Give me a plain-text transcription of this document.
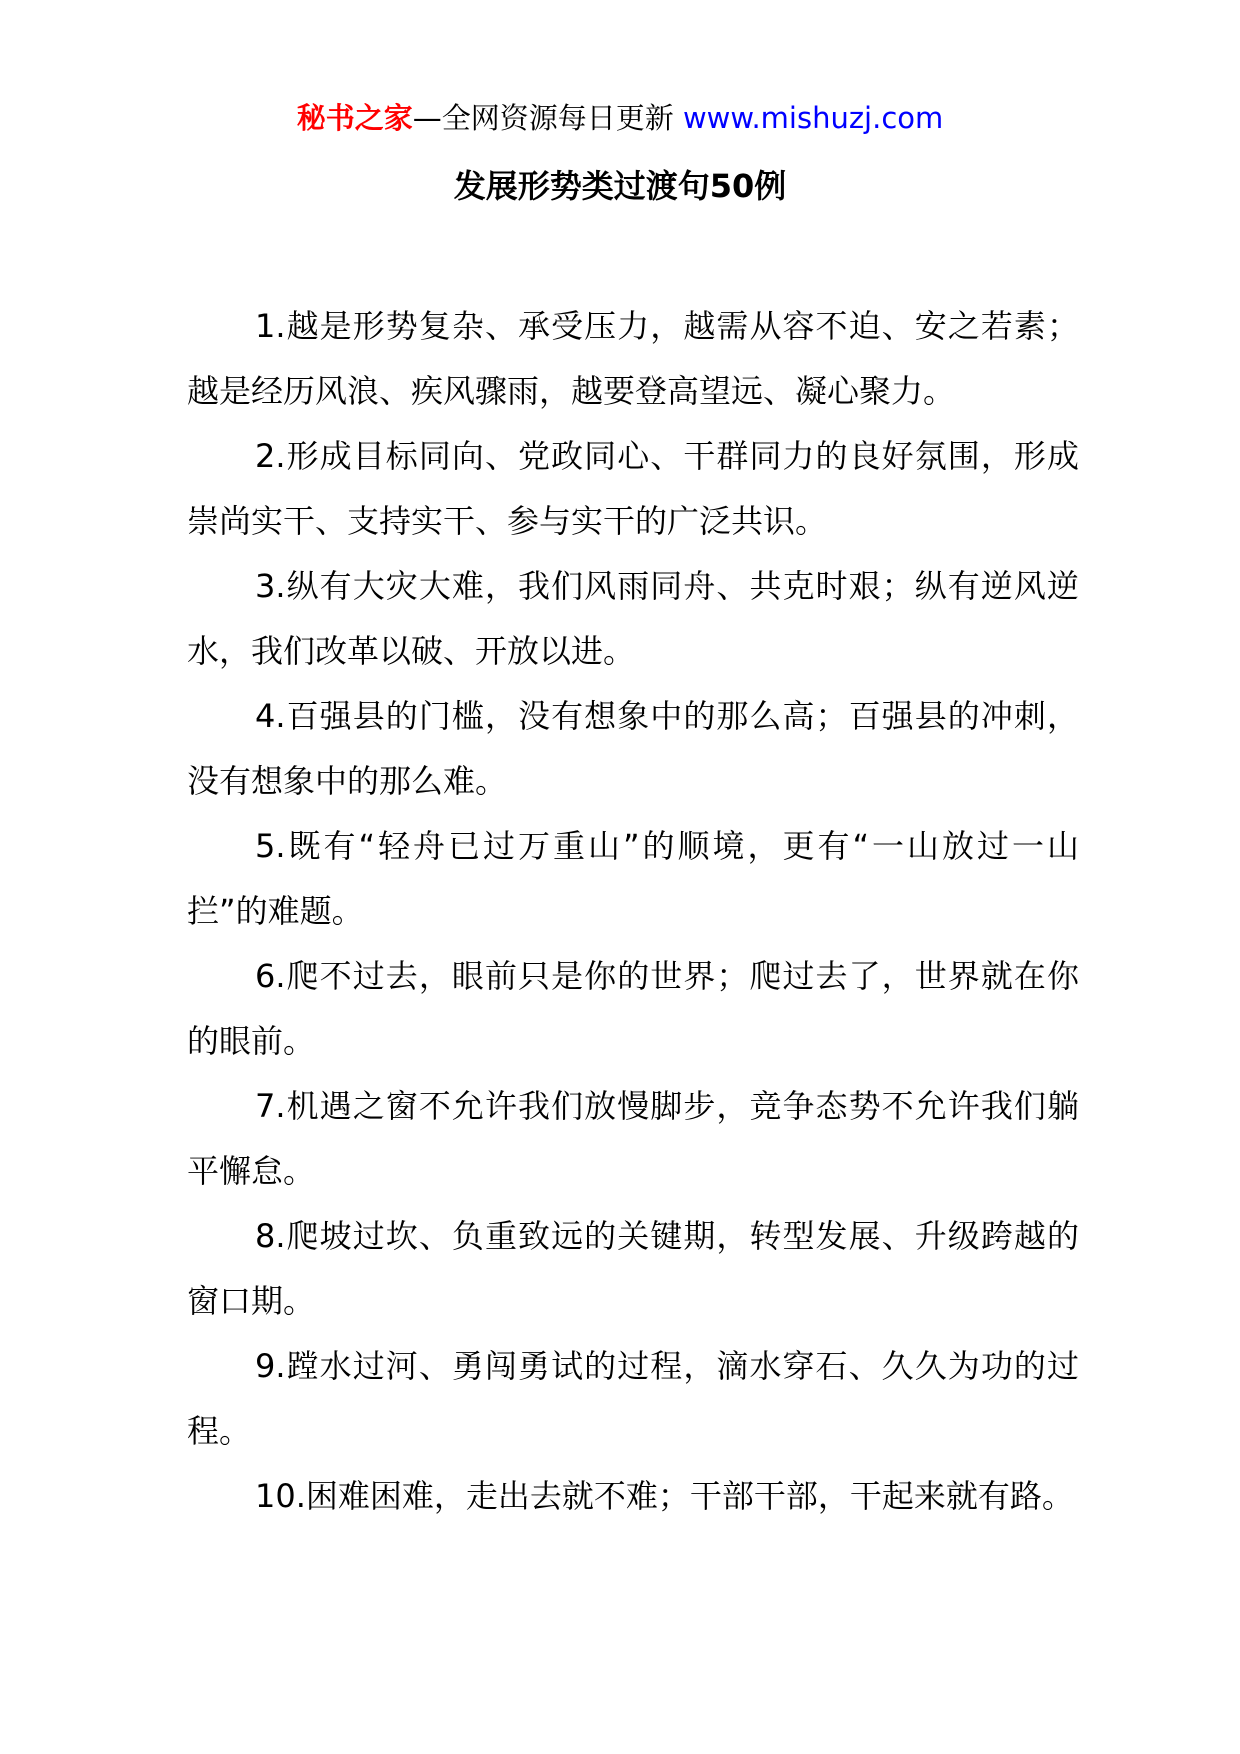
秘书之家—全网资源每日更新 www.mishuzj.com
发展形势类过渡句50例

1.越是形势复杂、承受压力，越需从容不迫、安之若素；越是经历风浪、疾风骤雨，越要登高望远、凝心聚力。

2.形成目标同向、党政同心、干群同力的良好氛围，形成崇尚实干、支持实干、参与实干的广泛共识。

3.纵有大灾大难，我们风雨同舟、共克时艰；纵有逆风逆水，我们改革以破、开放以进。

4.百强县的门槛，没有想象中的那么高；百强县的冲刺，没有想象中的那么难。

5.既有“轻舟已过万重山”的顺境，更有“一山放过一山拦”的难题。

6.爬不过去，眼前只是你的世界；爬过去了，世界就在你的眼前。

7.机遇之窗不允许我们放慢脚步，竞争态势不允许我们躺平懈怠。

8.爬坡过坎、负重致远的关键期，转型发展、升级跨越的窗口期。

9.蹚水过河、勇闯勇试的过程，滴水穿石、久久为功的过程。

10.困难困难，走出去就不难；干部干部，干起来就有路。
